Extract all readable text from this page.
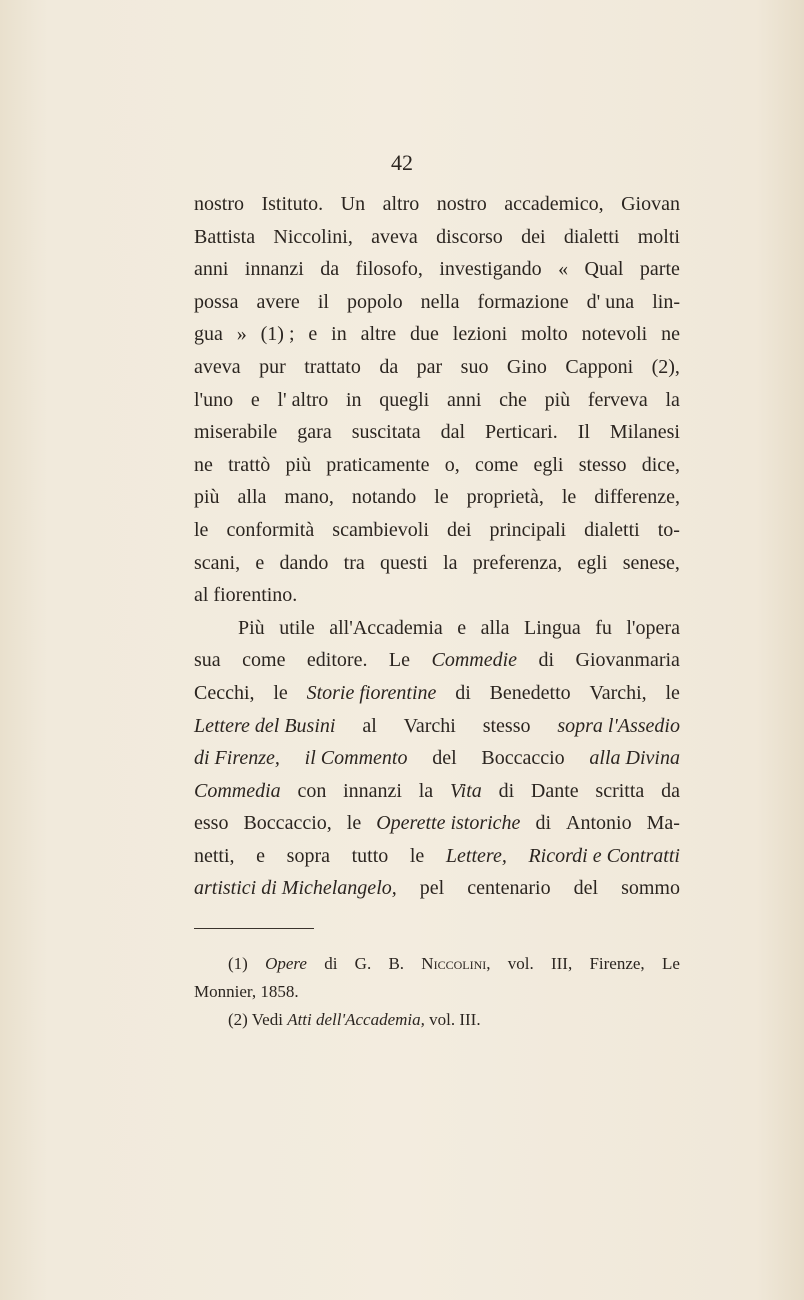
42
nostro Istituto. Un altro nostro accademico, Giovan
Battista Niccolini, aveva discorso dei dialetti molti
anni innanzi da filosofo, investigando « Qual parte
possa avere il popolo nella formazione d' una lin-
gua » (1) ; e in altre due lezioni molto notevoli ne
aveva pur trattato da par suo Gino Capponi (2),
l'uno e l' altro in quegli anni che più ferveva la
miserabile gara suscitata dal Perticari. Il Milanesi
ne trattò più praticamente o, come egli stesso dice,
più alla mano, notando le proprietà, le differenze,
le conformità scambievoli dei principali dialetti to-
scani, e dando tra questi la preferenza, egli senese,
al fiorentino.
Più utile all'Accademia e alla Lingua fu l'opera
sua come editore. Le Commedie di Giovanmaria
Cecchi, le Storie fiorentine di Benedetto Varchi, le
Lettere del Busini al Varchi stesso sopra l'Assedio
di Firenze, il Commento del Boccaccio alla Divina
Commedia con innanzi la Vita di Dante scritta da
esso Boccaccio, le Operette istoriche di Antonio Ma-
netti, e sopra tutto le Lettere, Ricordi e Contratti
artistici di Michelangelo, pel centenario del sommo
(1) Opere di G. B. Niccolini, vol. III, Firenze, Le
Monnier, 1858.
(2) Vedi Atti dell'Accademia, vol. III.
